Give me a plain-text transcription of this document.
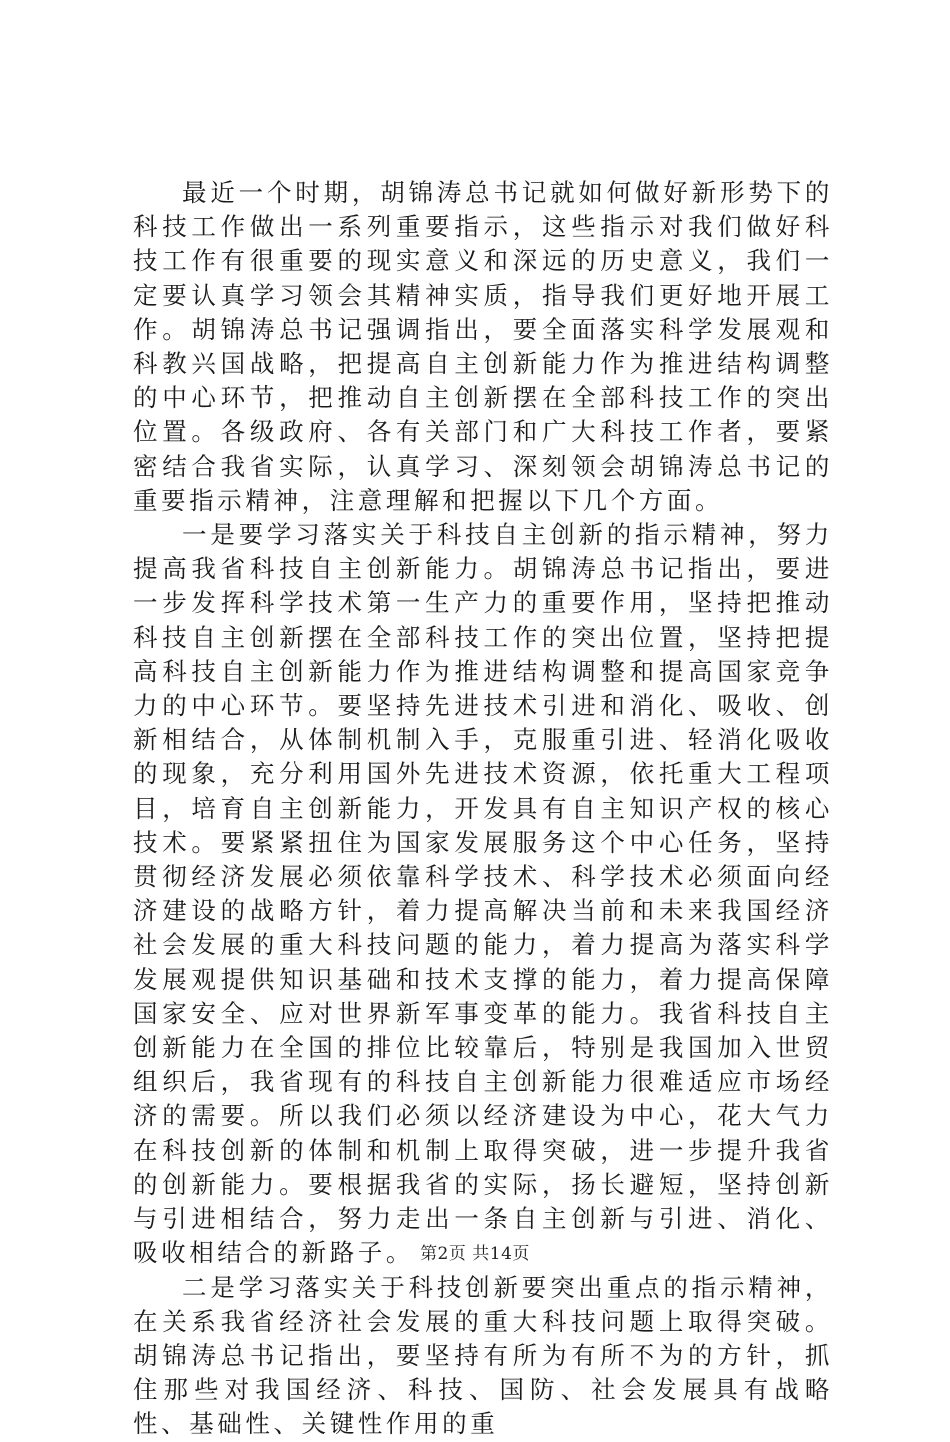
最近一个时期，胡锦涛总书记就如何做好新形势下的科技工作做出一系列重要指示，这些指示对我们做好科技工作有很重要的现实意义和深远的历史意义，我们一定要认真学习领会其精神实质，指导我们更好地开展工作。胡锦涛总书记强调指出，要全面落实科学发展观和科教兴国战略，把提高自主创新能力作为推进结构调整的中心环节，把推动自主创新摆在全部科技工作的突出位置。各级政府、各有关部门和广大科技工作者，要紧密结合我省实际，认真学习、深刻领会胡锦涛总书记的重要指示精神，注意理解和把握以下几个方面。

一是要学习落实关于科技自主创新的指示精神，努力提高我省科技自主创新能力。胡锦涛总书记指出，要进一步发挥科学技术第一生产力的重要作用，坚持把推动科技自主创新摆在全部科技工作的突出位置，坚持把提高科技自主创新能力作为推进结构调整和提高国家竞争力的中心环节。要坚持先进技术引进和消化、吸收、创新相结合，从体制机制入手，克服重引进、轻消化吸收的现象，充分利用国外先进技术资源，依托重大工程项目，培育自主创新能力，开发具有自主知识产权的核心技术。要紧紧扭住为国家发展服务这个中心任务，坚持贯彻经济发展必须依靠科学技术、科学技术必须面向经济建设的战略方针，着力提高解决当前和未来我国经济社会发展的重大科技问题的能力，着力提高为落实科学发展观提供知识基础和技术支撑的能力，着力提高保障国家安全、应对世界新军事变革的能力。我省科技自主创新能力在全国的排位比较靠后，特别是我国加入世贸组织后，我省现有的科技自主创新能力很难适应市场经济的需要。所以我们必须以经济建设为中心，花大气力在科技创新的体制和机制上取得突破，进一步提升我省的创新能力。要根据我省的实际，扬长避短，坚持创新与引进相结合，努力走出一条自主创新与引进、消化、吸收相结合的新路子。

二是学习落实关于科技创新要突出重点的指示精神，在关系我省经济社会发展的重大科技问题上取得突破。胡锦涛总书记指出，要坚持有所为有所不为的方针，抓住那些对我国经济、科技、国防、社会发展具有战略性、基础性、关键性作用的重

第2页 共14页
